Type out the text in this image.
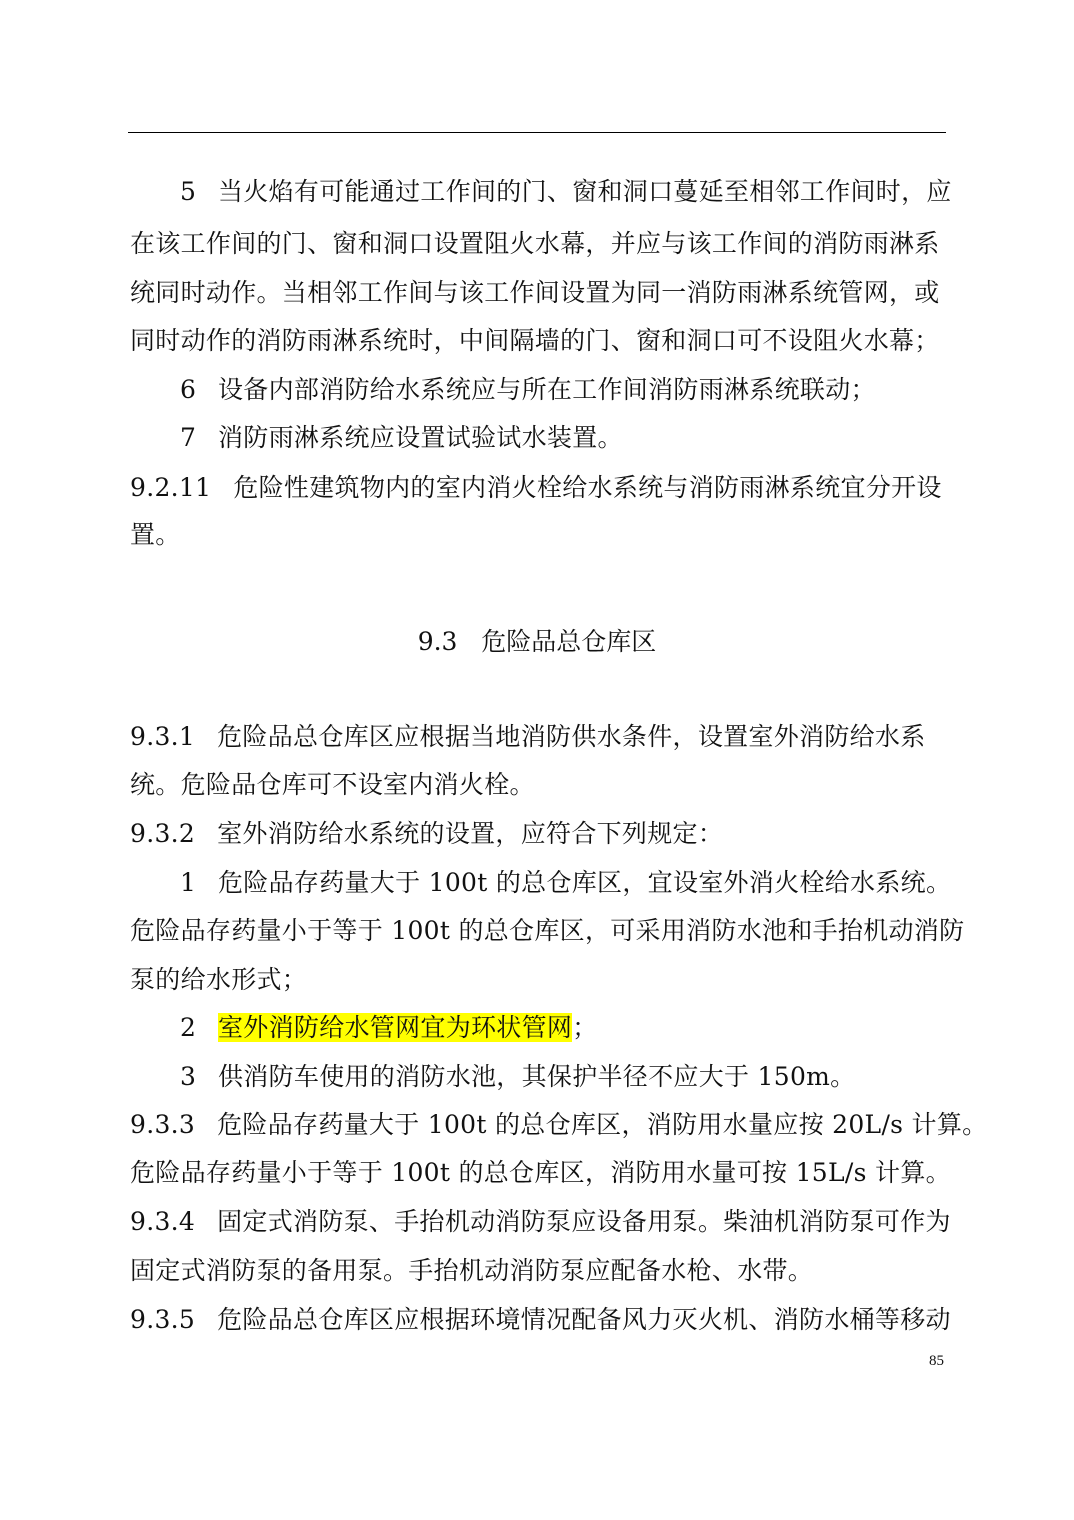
5 当火焰有可能通过工作间的门、窗和洞口蔓延至相邻工作间时，应
在该工作间的门、窗和洞口设置阻火水幕，并应与该工作间的消防雨淋系
统同时动作。当相邻工作间与该工作间设置为同一消防雨淋系统管网，或
同时动作的消防雨淋系统时，中间隔墙的门、窗和洞口可不设阻火水幕；
6 设备内部消防给水系统应与所在工作间消防雨淋系统联动；
7 消防雨淋系统应设置试验试水装置。
9.2.11 危险性建筑物内的室内消火栓给水系统与消防雨淋系统宜分开设
置。
9.3 危险品总仓库区
9.3.1 危险品总仓库区应根据当地消防供水条件，设置室外消防给水系
统。危险品仓库可不设室内消火栓。
9.3.2 室外消防给水系统的设置，应符合下列规定：
1 危险品存药量大于 100t 的总仓库区，宜设室外消火栓给水系统。
危险品存药量小于等于 100t 的总仓库区，可采用消防水池和手抬机动消防
泵的给水形式；
2 室外消防给水管网宜为环状管网；
3 供消防车使用的消防水池，其保护半径不应大于 150m。
9.3.3 危险品存药量大于 100t 的总仓库区，消防用水量应按 20L/s 计算。
危险品存药量小于等于 100t 的总仓库区，消防用水量可按 15L/s 计算。
9.3.4 固定式消防泵、手抬机动消防泵应设备用泵。柴油机消防泵可作为
固定式消防泵的备用泵。手抬机动消防泵应配备水枪、水带。
9.3.5 危险品总仓库区应根据环境情况配备风力灭火机、消防水桶等移动
85
